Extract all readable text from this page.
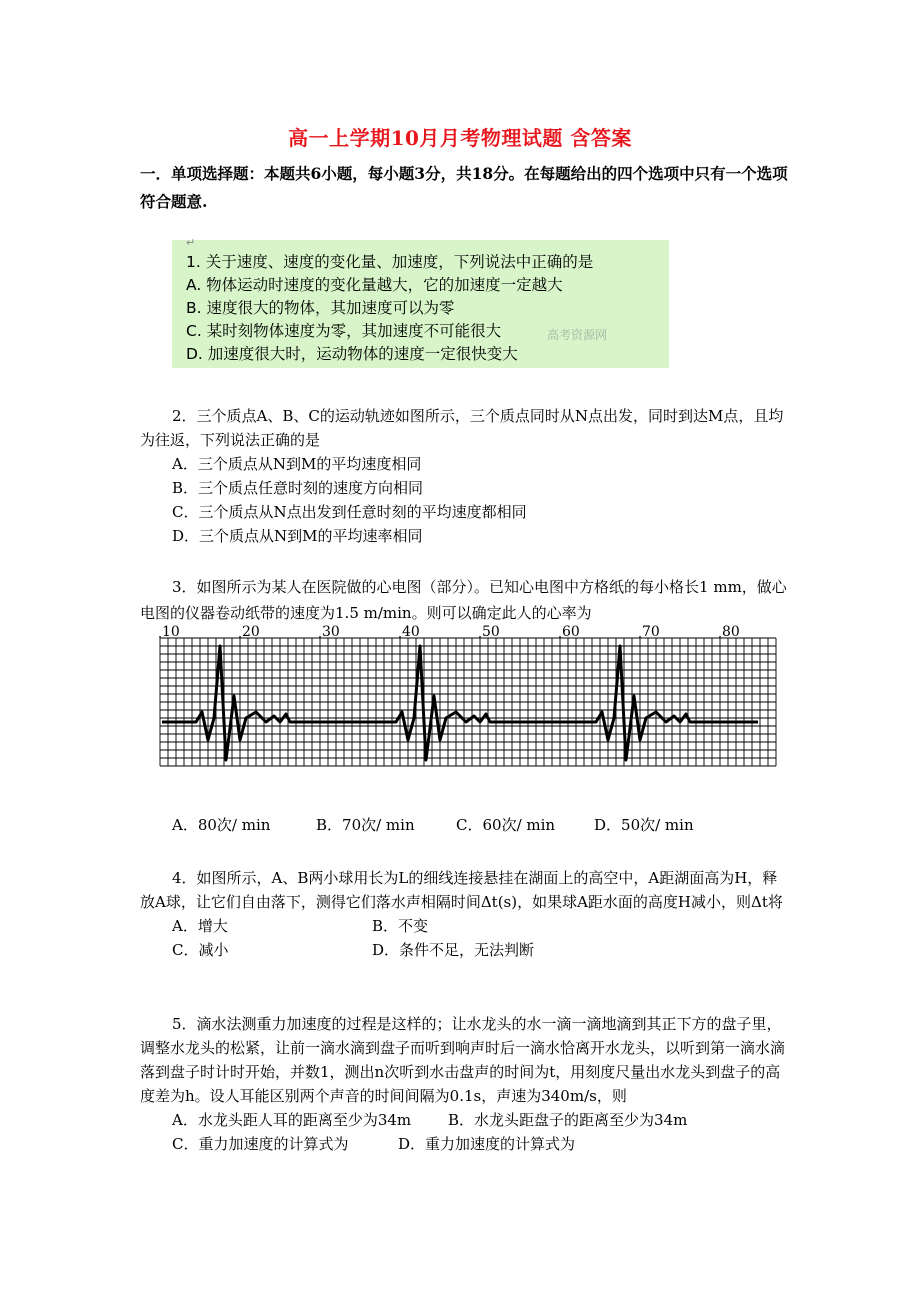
高一上学期10月月考物理试题 含答案
一．单项选择题：本题共6小题，每小题3分，共18分。在每题给出的四个选项中只有一个选项符合题意.
↵
1. 关于速度、速度的变化量、加速度，下列说法中正确的是
A. 物体运动时速度的变化量越大，它的加速度一定越大
B. 速度很大的物体，其加速度可以为零
C. 某时刻物体速度为零，其加速度不可能很大
D. 加速度很大时，运动物体的速度一定很快变大
高考资源网

2．三个质点A、B、C的运动轨迹如图所示，三个质点同时从N点出发，同时到达M点，且均为往返，下列说法正确的是

A．三个质点从N到M的平均速度相同

B．三个质点任意时刻的速度方向相同

C．三个质点从N点出发到任意时刻的平均速度都相同

D．三个质点从N到M的平均速率相同

3．如图所示为某人在医院做的心电图（部分）。已知心电图中方格纸的每小格长1 mm，做心电图的仪器卷动纸带的速度为1.5 m/min。则可以确定此人的心率为

10	20	30	40	50	60	70	80
A．80次/ min	B．70次/ min	C．60次/ min	D．50次/ min

4．如图所示，A、B两小球用长为L的细线连接悬挂在湖面上的高空中，A距湖面高为H，释放A球，让它们自由落下，测得它们落水声相隔时间Δt(s)，如果球A距水面的高度H减小，则Δt将

A．增大	B．不变
C．减小	D．条件不足，无法判断

5．滴水法测重力加速度的过程是这样的；让水龙头的水一滴一滴地滴到其正下方的盘子里，调整水龙头的松紧，让前一滴水滴到盘子而听到响声时后一滴水恰离开水龙头，以听到第一滴水滴落到盘子时计时开始，并数1，测出n次听到水击盘声的时间为t，用刻度尺量出水龙头到盘子的高度差为h。设人耳能区别两个声音的时间间隔为0.1s，声速为340m/s，则

A．水龙头距人耳的距离至少为34m	B．水龙头距盘子的距离至少为34m
C．重力加速度的计算式为	D．重力加速度的计算式为
